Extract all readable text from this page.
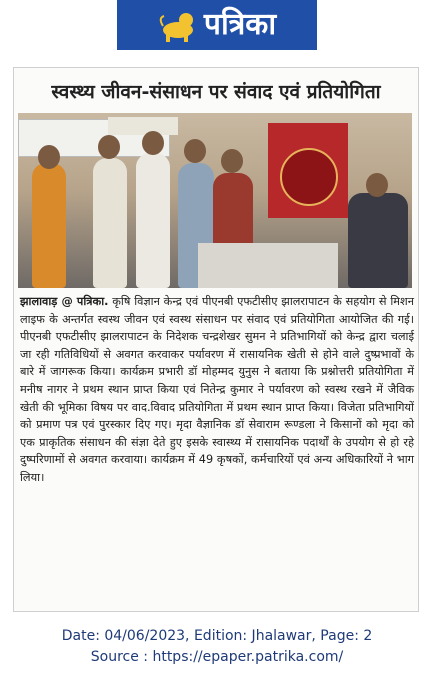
पत्रिका
स्वस्थ्य जीवन-संसाधन पर संवाद एवं प्रतियोगिता
झालावाड़ @ पत्रिका. कृषि विज्ञान केन्द्र एवं पीएनबी एफटीसीए झालरापाटन के सहयोग से मिशन लाइफ के अन्तर्गत स्वस्थ जीवन एवं स्वस्थ संसाधन पर संवाद एवं प्रतियोगिता आयोजित की गई। पीएनबी एफटीसीए झालरापाटन के निदेशक चन्द्रशेखर सुमन ने प्रतिभागियों को केन्द्र द्वारा चलाई जा रही गतिविधियों से अवगत करवाकर पर्यावरण में रासायनिक खेती से होने वाले दुष्प्रभावों के बारे में जागरूक किया। कार्यक्रम प्रभारी डॉ मोहम्मद युनुस ने बताया कि प्रश्नोत्तरी प्रतियोगिता में मनीष नागर ने प्रथम स्थान प्राप्त किया एवं नितेन्द्र कुमार ने पर्यावरण को स्वस्थ रखने में जैविक खेती की भूमिका विषय पर वाद.विवाद प्रतियोगिता में प्रथम स्थान प्राप्त किया। विजेता प्रतिभागियों को प्रमाण पत्र एवं पुरस्कार दिए गए। मृदा वैज्ञानिक डॉ सेवाराम रूण्डला ने किसानों को मृदा को एक प्राकृतिक संसाधन की संज्ञा देते हुए इसके स्वास्थ्य में रासायनिक पदार्थों के उपयोग से हो रहे दुष्परिणामों से अवगत करवाया। कार्यक्रम में 49 कृषकों, कर्मचारियों एवं अन्य अधिकारियों ने भाग लिया।
Date: 04/06/2023, Edition: Jhalawar, Page: 2
Source : https://epaper.patrika.com/
